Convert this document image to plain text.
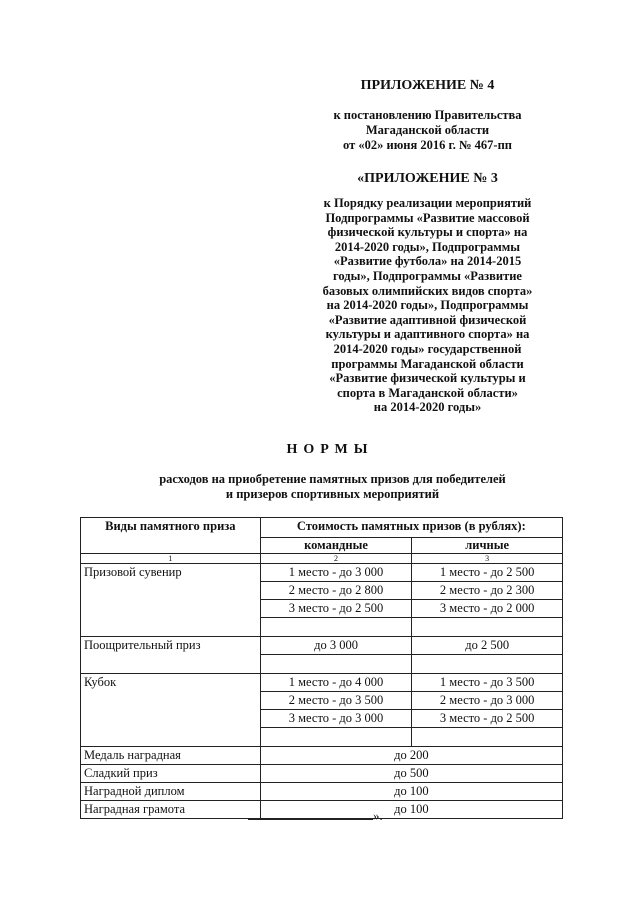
ПРИЛОЖЕНИЕ № 4
к постановлению Правительства
Магаданской области
от «02» июня 2016 г. № 467-пп
«ПРИЛОЖЕНИЕ № 3
к Порядку реализации мероприятий
Подпрограммы «Развитие массовой
физической культуры и спорта» на
2014-2020 годы», Подпрограммы
«Развитие футбола» на 2014-2015
годы», Подпрограммы «Развитие
базовых олимпийских видов спорта»
на 2014-2020 годы», Подпрограммы
«Развитие адаптивной физической
культуры и адаптивного спорта» на
2014-2020 годы» государственной
программы Магаданской области
«Развитие физической культуры и
спорта в Магаданской области»
на 2014-2020 годы»
НОРМЫ
расходов на приобретение памятных призов для победителей
и призеров спортивных мероприятий
Виды памятного приза	Стоимость памятных призов (в рублях):	
	командные	личные
1	2	3
Призовой сувенир	1 место - до 3 000	1 место - до 2 500
	2 место - до 2 800	2 место - до 2 300
	3 место - до 2 500	3 место - до 2 000

Поощрительный приз	до 3 000	до 2 500

Кубок	1 место - до 4 000	1 место - до 3 500
	2 место - до 3 500	2 место - до 3 000
	3 место - до 3 000	3 место - до 2 500

Медаль наградная	до 200	
Сладкий приз	до 500	
Наградной диплом	до 100	
Наградная грамота	до 100	
».
